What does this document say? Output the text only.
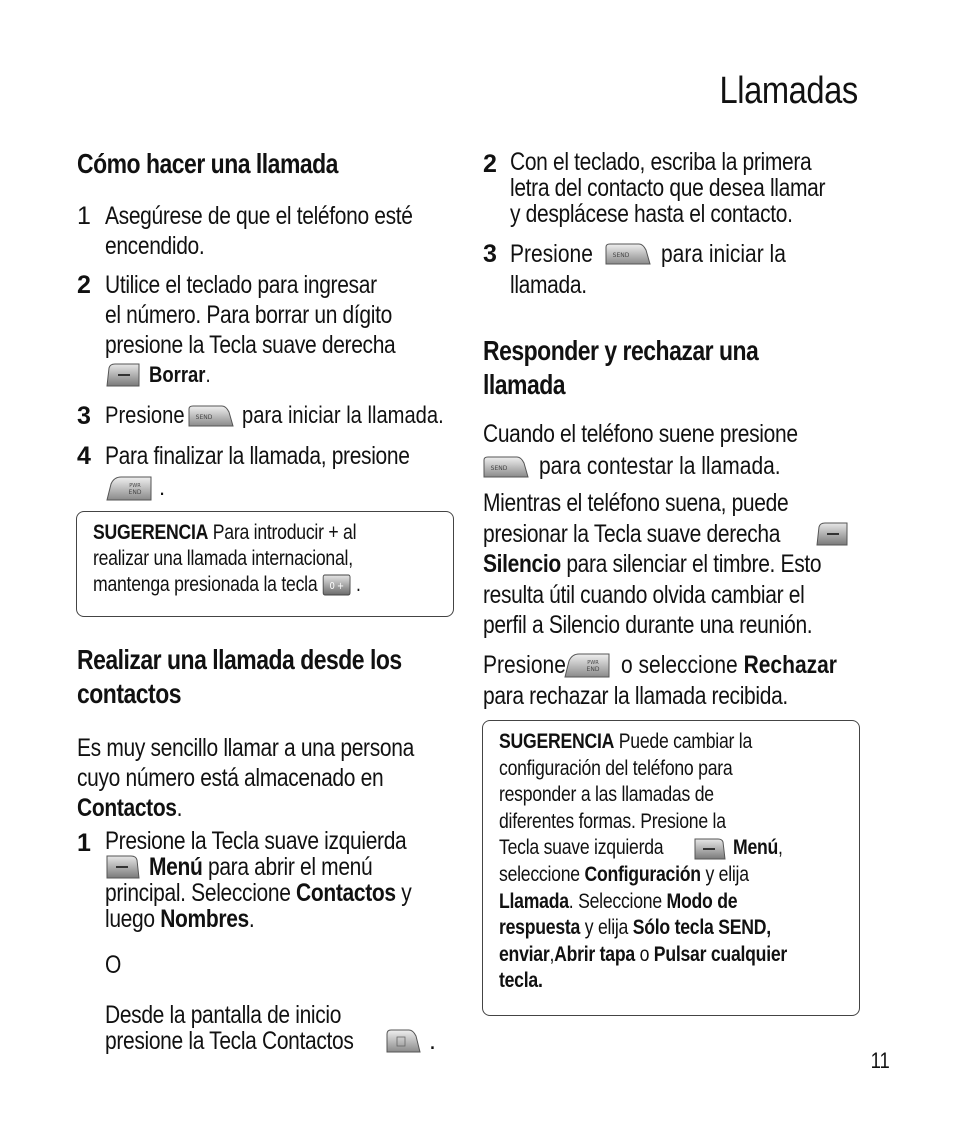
Llamadas
Cómo hacer una llamada
1 Asegúrese de que el teléfono esté
encendido.
2 Utilice el teclado para ingresar
el número. Para borrar un dígito
presione la Tecla suave derecha
Borrar.
3 Presione SEND para iniciar la llamada.
4 Para finalizar la llamada, presione
PWR
END .
SUGERENCIA Para introducir + al
realizar una llamada internacional,
mantenga presionada la tecla 0 + .
Realizar una llamada desde los
contactos
Es muy sencillo llamar a una persona
cuyo número está almacenado en
Contactos.
1 Presione la Tecla suave izquierda
Menú para abrir el menú
principal. Seleccione Contactos y
luego Nombres.
O
Desde la pantalla de inicio
presione la Tecla Contactos	.
2 Con el teclado, escriba la primera
letra del contacto que desea llamar
y desplácese hasta el contacto.
3 Presione	SEND para iniciar la
llamada.
Responder y rechazar una
llamada
Cuando el teléfono suene presione
SEND para contestar la llamada.
Mientras el teléfono suena, puede
presionar la Tecla suave derecha
Silencio para silenciar el timbre. Esto
resulta útil cuando olvida cambiar el
perfil a Silencio durante una reunión.
Presione	PWR
END o seleccione Rechazar
para rechazar la llamada recibida.
SUGERENCIA Puede cambiar la
configuración del teléfono para
responder a las llamadas de
diferentes formas. Presione la
Tecla suave izquierda	Menú,
seleccione Configuración y elija
Llamada. Seleccione Modo de
respuesta y elija Sólo tecla SEND,
enviar,Abrir tapa o Pulsar cualquier
tecla.
11
